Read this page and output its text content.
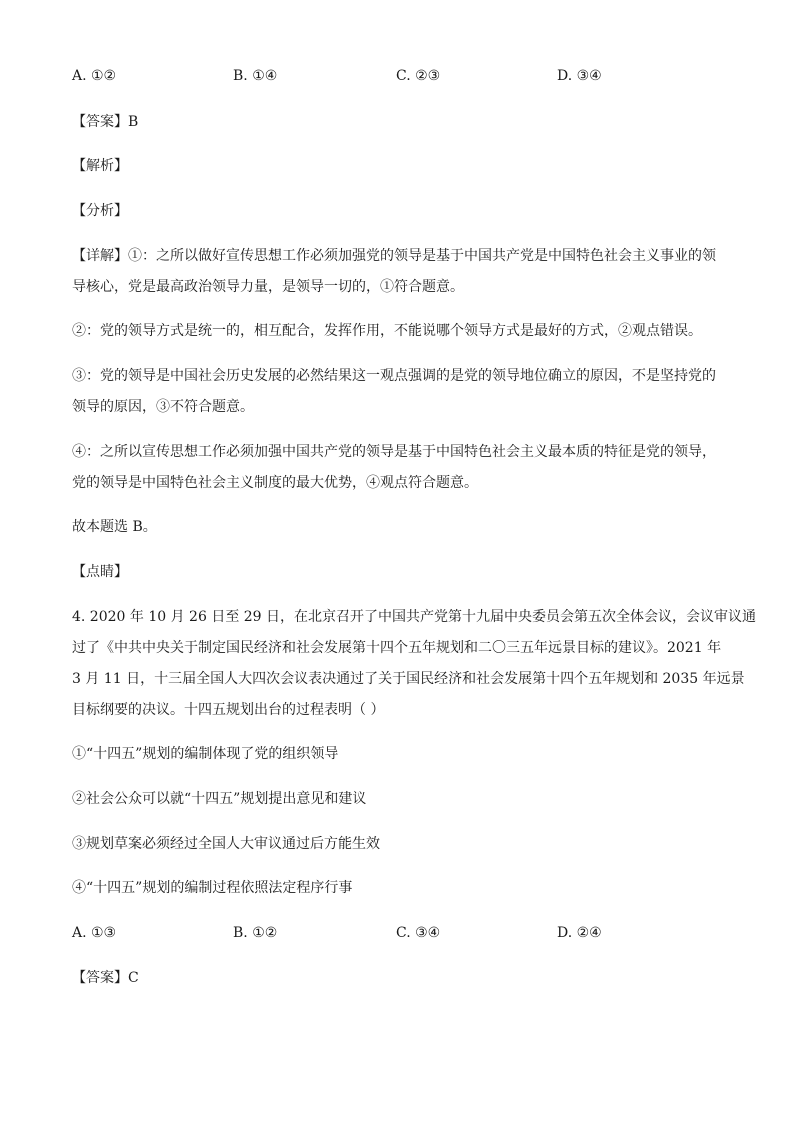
A. ①②	B. ①④	C. ②③	D. ③④
【答案】B
【解析】
【分析】
【详解】①：之所以做好宣传思想工作必须加强党的领导是基于中国共产党是中国特色社会主义事业的领
导核心，党是最高政治领导力量，是领导一切的，①符合题意。
②：党的领导方式是统一的，相互配合，发挥作用，不能说哪个领导方式是最好的方式，②观点错误。
③：党的领导是中国社会历史发展的必然结果这一观点强调的是党的领导地位确立的原因，不是坚持党的
领导的原因，③不符合题意。
④：之所以宣传思想工作必须加强中国共产党的领导是基于中国特色社会主义最本质的特征是党的领导，
党的领导是中国特色社会主义制度的最大优势，④观点符合题意。
故本题选 B。
【点睛】
4. 2020 年 10 月 26 日至 29 日，在北京召开了中国共产党第十九届中央委员会第五次全体会议，会议审议通
过了《中共中央关于制定国民经济和社会发展第十四个五年规划和二〇三五年远景目标的建议》。2021 年
3 月 11 日，十三届全国人大四次会议表决通过了关于国民经济和社会发展第十四个五年规划和 2035 年远景
目标纲要的决议。十四五规划出台的过程表明（ ）
①“十四五”规划的编制体现了党的组织领导
②社会公众可以就“十四五”规划提出意见和建议
③规划草案必须经过全国人大审议通过后方能生效
④“十四五”规划的编制过程依照法定程序行事
A. ①③	B. ①②	C. ③④	D. ②④
【答案】C
